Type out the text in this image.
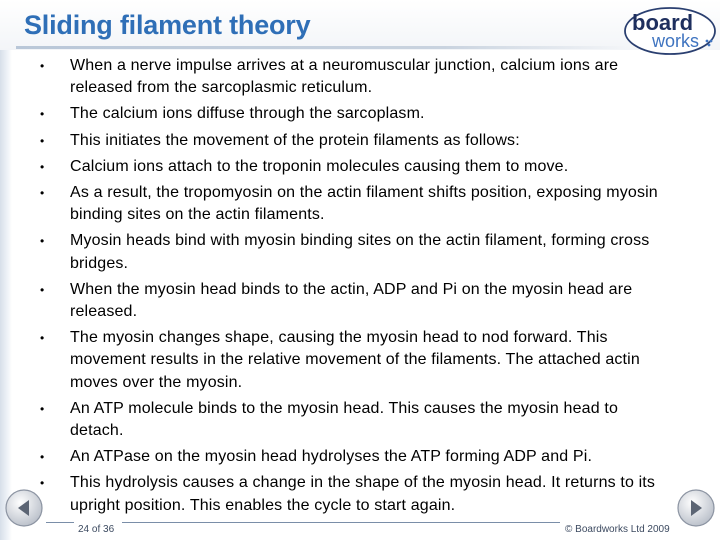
Sliding filament theory	board
works
• When a nerve impulse arrives at a neuromuscular junction, calcium ions are released from the sarcoplasmic reticulum.
• The calcium ions diffuse through the sarcoplasm.
• This initiates the movement of the protein filaments as follows:
• Calcium ions attach to the troponin molecules causing them to move.
• As a result, the tropomyosin on the actin filament shifts position, exposing myosin binding sites on the actin filaments.
• Myosin heads bind with myosin binding sites on the actin filament, forming cross bridges.
• When the myosin head binds to the actin, ADP and Pi on the myosin head are released.
• The myosin changes shape, causing the myosin head to nod forward. This movement results in the relative movement of the filaments. The attached actin moves over the myosin.
• An ATP molecule binds to the myosin head. This causes the myosin head to detach.
• An ATPase on the myosin head hydrolyses the ATP forming ADP and Pi.
• This hydrolysis causes a change in the shape of the myosin head. It returns to its upright position. This enables the cycle to start again.
24 of 36	© Boardworks Ltd 2009
